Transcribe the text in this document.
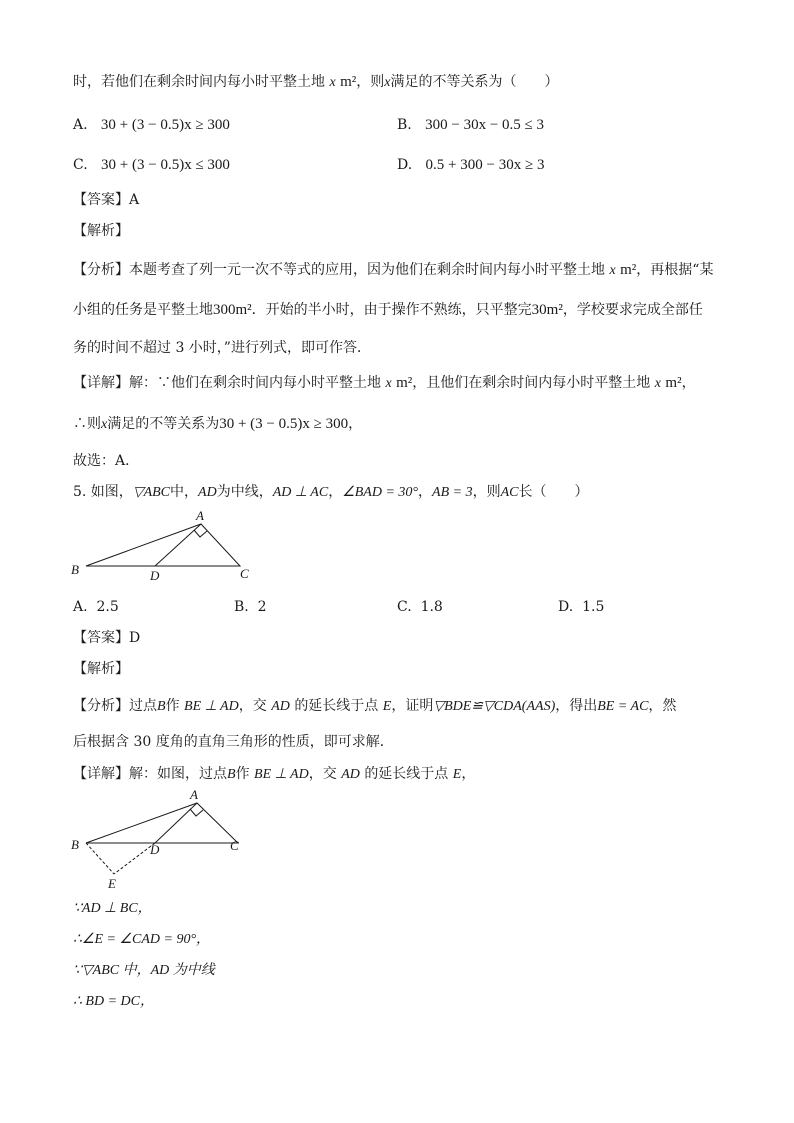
时，若他们在剩余时间内每小时平整土地 x m²，则x满足的不等关系为（　　）
A. 30 + (3 − 0.5)x ≥ 300	B. 300 − 30x − 0.5 ≤ 3
C. 30 + (3 − 0.5)x ≤ 300	D. 0.5 + 300 − 30x ≥ 3
【答案】A
【解析】
【分析】本题考查了列一元一次不等式的应用，因为他们在剩余时间内每小时平整土地 x m²，再根据“某
小组的任务是平整土地300m²．开始的半小时，由于操作不熟练，只平整完30m²，学校要求完成全部任
务的时间不超过 3 小时，”进行列式，即可作答．
【详解】解：∵他们在剩余时间内每小时平整土地 x m²，且他们在剩余时间内每小时平整土地 x m²，
∴则x满足的不等关系为30 + (3 − 0.5)x ≥ 300，
故选：A．
5. 如图，▽ABC中，AD为中线，AD ⊥ AC，∠BAD = 30°，AB = 3，则AC长（　　）
A
B	C
D
A. 2.5	B. 2	C. 1.8	D. 1.5
【答案】D
【解析】
【分析】过点B作 BE ⊥ AD，交 AD 的延长线于点 E，证明▽BDE≌▽CDA(AAS)，得出BE = AC，然
后根据含 30 度角的直角三角形的性质，即可求解．
【详解】解：如图，过点B作 BE ⊥ AD，交 AD 的延长线于点 E，
A
B	C
D
E
∵AD ⊥ BC，
∴∠E = ∠CAD = 90°，
∵▽ABC 中，AD 为中线
∴ BD = DC，
